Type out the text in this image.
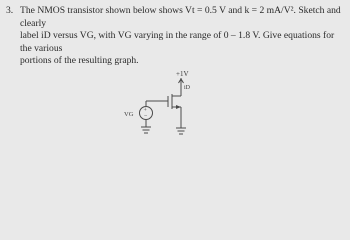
3. The NMOS transistor shown below shows Vt = 0.5 V and k = 2 mA/V². Sketch and clearly
label iD versus VG, with VG varying in the range of 0 – 1.8 V. Give equations for the various
portions of the resulting graph.
+
−
+1V
iD
VG
